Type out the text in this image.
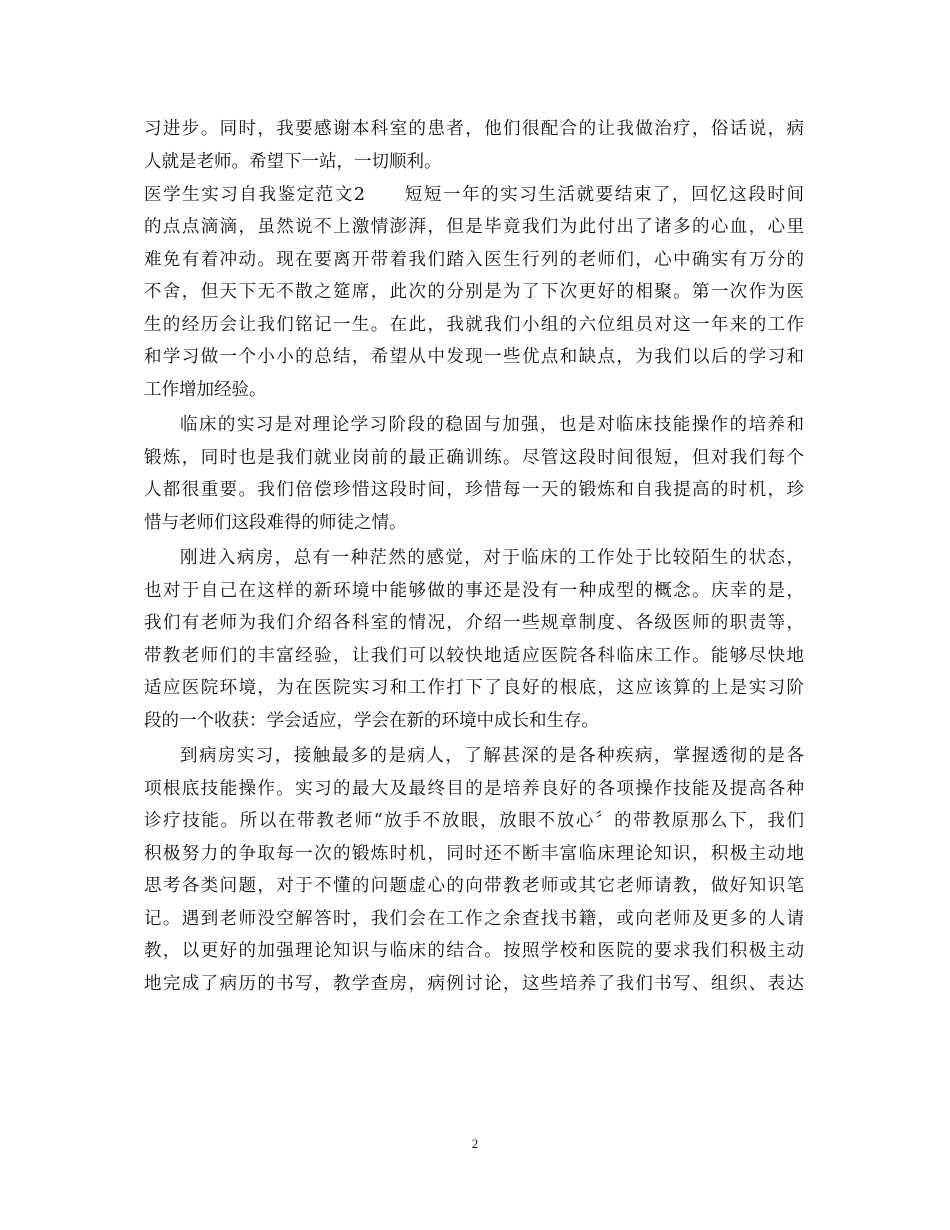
习进步。同时，我要感谢本科室的患者，他们很配合的让我做治疗，俗话说，病
人就是老师。希望下一站，一切顺利。
医学生实习自我鉴定范文2　　短短一年的实习生活就要结束了，回忆这段时间
的点点滴滴，虽然说不上激情澎湃，但是毕竟我们为此付出了诸多的心血，心里
难免有着冲动。现在要离开带着我们踏入医生行列的老师们，心中确实有万分的
不舍，但天下无不散之筵席，此次的分别是为了下次更好的相聚。第一次作为医
生的经历会让我们铭记一生。在此，我就我们小组的六位组员对这一年来的工作
和学习做一个小小的总结，希望从中发现一些优点和缺点，为我们以后的学习和
工作增加经验。
临床的实习是对理论学习阶段的稳固与加强，也是对临床技能操作的培养和
锻炼，同时也是我们就业岗前的最正确训练。尽管这段时间很短，但对我们每个
人都很重要。我们倍偿珍惜这段时间，珍惜每一天的锻炼和自我提高的时机，珍
惜与老师们这段难得的师徒之情。
刚进入病房，总有一种茫然的感觉，对于临床的工作处于比较陌生的状态，
也对于自己在这样的新环境中能够做的事还是没有一种成型的概念。庆幸的是，
我们有老师为我们介绍各科室的情况，介绍一些规章制度、各级医师的职责等，
带教老师们的丰富经验，让我们可以较快地适应医院各科临床工作。能够尽快地
适应医院环境，为在医院实习和工作打下了良好的根底，这应该算的上是实习阶
段的一个收获：学会适应，学会在新的环境中成长和生存。
到病房实习，接触最多的是病人，了解甚深的是各种疾病，掌握透彻的是各
项根底技能操作。实习的最大及最终目的是培养良好的各项操作技能及提高各种
诊疗技能。所以在带教老师“放手不放眼，放眼不放心〞的带教原那么下，我们
积极努力的争取每一次的锻炼时机，同时还不断丰富临床理论知识，积极主动地
思考各类问题，对于不懂的问题虚心的向带教老师或其它老师请教，做好知识笔
记。遇到老师没空解答时，我们会在工作之余查找书籍，或向老师及更多的人请
教，以更好的加强理论知识与临床的结合。按照学校和医院的要求我们积极主动
地完成了病历的书写，教学查房，病例讨论，这些培养了我们书写、组织、表达
2
